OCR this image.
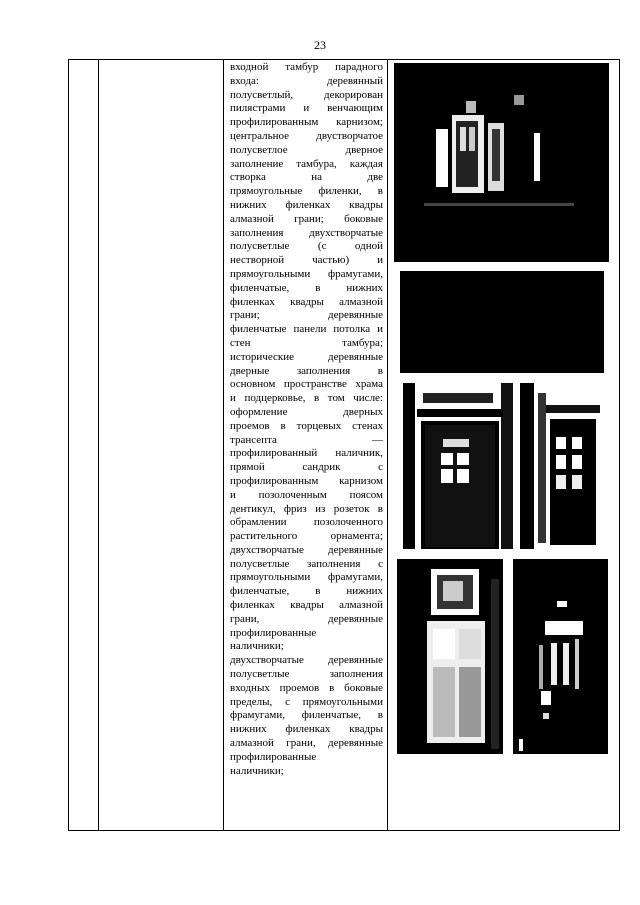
23

входной тамбур парадного

входа: деревянный

полусветлый, декорирован

пилястрами и венчающим

профилированным карнизом;

центральное двустворчатое

полусветлое дверное

заполнение тамбура, каждая

створка на две

прямоугольные филенки, в

нижних филенках квадры

алмазной грани; боковые

заполнения двухстворчатые

полусветлые (с одной

нестворной частью) и

прямоугольными фрамугами,

филенчатые, в нижних

филенках квадры алмазной

грани; деревянные

филенчатые панели потолка и

стен тамбура;

исторические деревянные

дверные заполнения в

основном пространстве храма

и подцерковье, в том числе:

оформление дверных

проемов в торцевых стенах

трансепта —

профилированный наличник,

прямой сандрик с

профилированным карнизом

и позолоченным поясом

дентикул, фриз из розеток в

обрамлении позолоченного

растительного орнамента;

двухстворчатые деревянные

полусветлые заполнения с

прямоугольными фрамугами,

филенчатые, в нижних

филенках квадры алмазной

грани, деревянные

профилированные

наличники;

двухстворчатые деревянные

полусветлые заполнения

входных проемов в боковые

пределы, с прямоугольными

фрамугами, филенчатые, в

нижних филенках квадры

алмазной грани, деревянные

профилированные

наличники;
